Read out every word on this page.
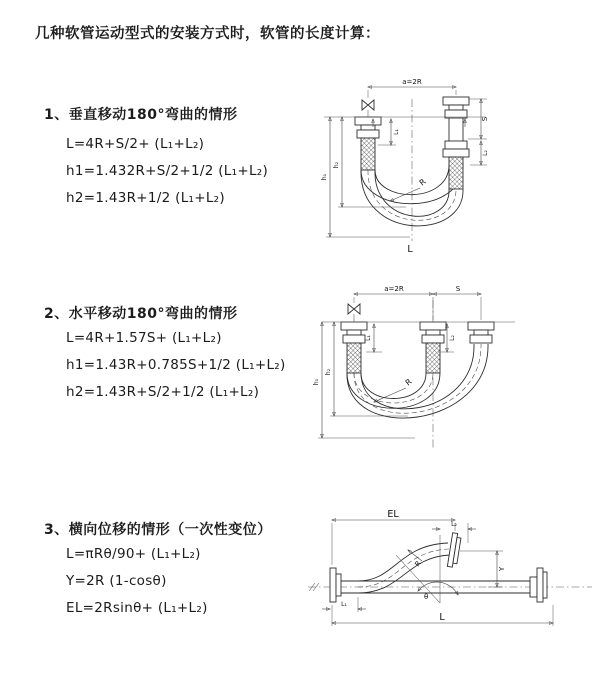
几种软管运动型式的安装方式时，软管的长度计算：
1、垂直移动180°弯曲的情形
L=4R+S/2+ (L₁+L₂)
h1=1.432R+S/2+1/2 (L₁+L₂)
h2=1.43R+1/2 (L₁+L₂)
a=2R
S
L₂
L₁
h₁
h₂
R
L
2、水平移动180°弯曲的情形
L=4R+1.57S+ (L₁+L₂)
h1=1.43R+0.785S+1/2 (L₁+L₂)
h2=1.43R+S/2+1/2 (L₁+L₂)
a=2R	S
h₁
h₂
L₁	L₂
R
3、横向位移的情形（一次性变位）
L=πRθ/90+ (L₁+L₂)
Y=2R (1-cosθ)
EL=2Rsinθ+ (L₁+L₂)
θ
EL
L₂
Y
L
L₁
R
